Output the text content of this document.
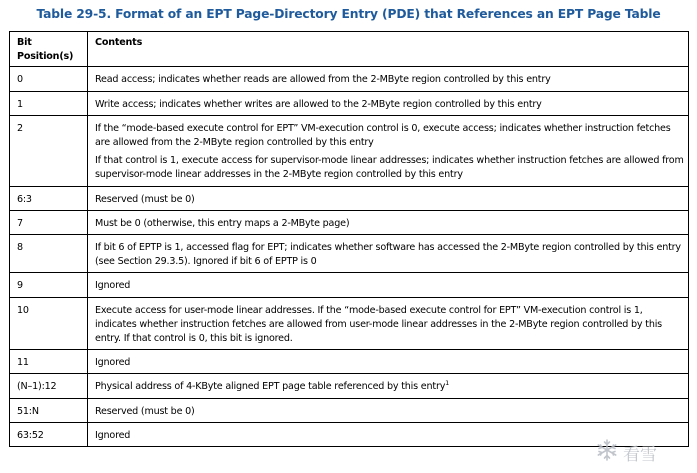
Table 29-5. Format of an EPT Page-Directory Entry (PDE) that References an EPT Page Table
Bit Position(s)	Contents
0	Read access; indicates whether reads are allowed from the 2-MByte region controlled by this entry

1	Write access; indicates whether writes are allowed to the 2-MByte region controlled by this entry

2	If the “mode-based execute control for EPT” VM-execution control is 0, execute access; indicates whether instruction fetches are allowed from the 2-MByte region controlled by this entry
If that control is 1, execute access for supervisor-mode linear addresses; indicates whether instruction fetches are allowed from supervisor-mode linear addresses in the 2-MByte region controlled by this entry

6:3	Reserved (must be 0)

7	Must be 0 (otherwise, this entry maps a 2-MByte page)

8	If bit 6 of EPTP is 1, accessed flag for EPT; indicates whether software has accessed the 2-MByte region controlled by this entry (see Section 29.3.5). Ignored if bit 6 of EPTP is 0

9	Ignored

10	Execute access for user-mode linear addresses. If the “mode-based execute control for EPT” VM-execution control is 1, indicates whether instruction fetches are allowed from user-mode linear addresses in the 2-MByte region controlled by this entry. If that control is 0, this bit is ignored.

11	Ignored

(N–1):12	Physical address of 4-KByte aligned EPT page table referenced by this entry$^1$

51:N	Reserved (must be 0)

63:52	Ignored
看雪
